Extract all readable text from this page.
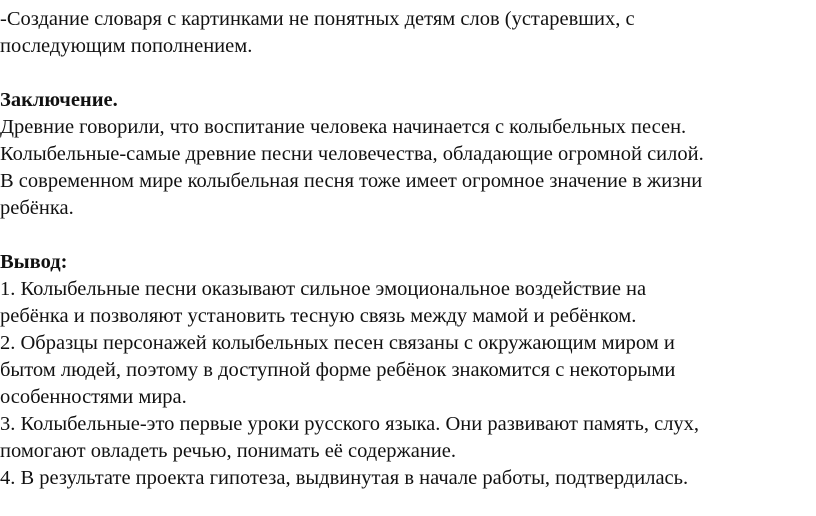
-Создание словаря с картинками не понятных детям слов (устаревших, с
последующим пополнением.
Заключение.
Древние говорили, что воспитание человека начинается с колыбельных песен.
Колыбельные-самые древние песни человечества, обладающие огромной силой.
В современном мире колыбельная песня тоже имеет огромное значение в жизни
ребёнка.
Вывод:
1. Колыбельные песни оказывают сильное эмоциональное воздействие на
ребёнка и позволяют установить тесную связь между мамой и ребёнком.
2. Образцы персонажей колыбельных песен связаны с окружающим миром и
бытом людей, поэтому в доступной форме ребёнок знакомится с некоторыми
особенностями мира.
3. Колыбельные-это первые уроки русского языка. Они развивают память, слух,
помогают овладеть речью, понимать её содержание.
4. В результате проекта гипотеза, выдвинутая в начале работы, подтвердилась.
